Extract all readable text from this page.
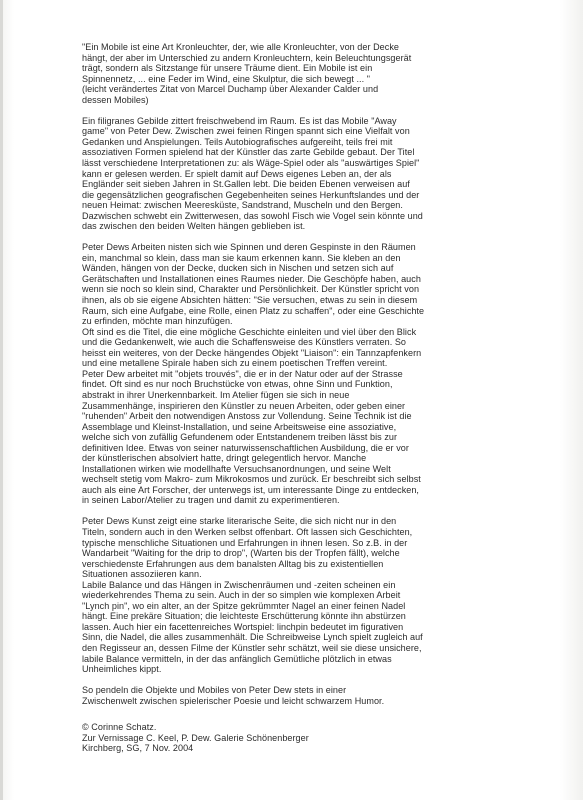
"Ein Mobile ist eine Art Kronleuchter, der, wie alle Kronleuchter, von der Decke
hängt, der aber im Unterschied zu andern Kronleuchtern, kein Beleuchtungsgerät
trägt, sondern als Sitzstange für unsere Träume dient. Ein Mobile ist ein
Spinnennetz, ... eine Feder im Wind, eine Skulptur, die sich bewegt ... "
(leicht verändertes Zitat von Marcel Duchamp über Alexander Calder und
dessen Mobiles)
Ein filigranes Gebilde zittert freischwebend im Raum. Es ist das Mobile "Away
game" von Peter Dew. Zwischen zwei feinen Ringen spannt sich eine Vielfalt von
Gedanken und Anspielungen. Teils Autobiografisches aufgereiht, teils frei mit
assoziativen Formen spielend hat der Künstler das zarte Gebilde gebaut. Der Titel
lässt verschiedene Interpretationen zu: als Wäge-Spiel oder als "auswärtiges Spiel"
kann er gelesen werden. Er spielt damit auf Dews eigenes Leben an, der als
Engländer seit sieben Jahren in St.Gallen lebt. Die beiden Ebenen verweisen auf
die gegensätzlichen geografischen Gegebenheiten seines Herkunftslandes und der
neuen Heimat: zwischen Meeresküste, Sandstrand, Muscheln und den Bergen.
Dazwischen schwebt ein Zwitterwesen, das sowohl Fisch wie Vogel sein könnte und
das zwischen den beiden Welten hängen geblieben ist.
Peter Dews Arbeiten nisten sich wie Spinnen und deren Gespinste in den Räumen
ein, manchmal so klein, dass man sie kaum erkennen kann. Sie kleben an den
Wänden, hängen von der Decke, ducken sich in Nischen und setzen sich auf
Gerätschaften und Installationen eines Raumes nieder. Die Geschöpfe haben, auch
wenn sie noch so klein sind, Charakter und Persönlichkeit. Der Künstler spricht von
ihnen, als ob sie eigene Absichten hätten: "Sie versuchen, etwas zu sein in diesem
Raum, sich eine Aufgabe, eine Rolle, einen Platz zu schaffen", oder eine Geschichte
zu erfinden, möchte man hinzufügen.
Oft sind es die Titel, die eine mögliche Geschichte einleiten und viel über den Blick
und die Gedankenwelt, wie auch die Schaffensweise des Künstlers verraten. So
heisst ein weiteres, von der Decke hängendes Objekt "Liaison": ein Tannzapfenkern
und eine metallene Spirale haben sich zu einem poetischen Treffen vereint.
Peter Dew arbeitet mit "objets trouvés", die er in der Natur oder auf der Strasse
findet. Oft sind es nur noch Bruchstücke von etwas, ohne Sinn und Funktion,
abstrakt in ihrer Unerkennbarkeit. Im Atelier fügen sie sich in neue
Zusammenhänge, inspirieren den Künstler zu neuen Arbeiten, oder geben einer
"ruhenden" Arbeit den notwendigen Anstoss zur Vollendung. Seine Technik ist die
Assemblage und Kleinst-Installation, und seine Arbeitsweise eine assoziative,
welche sich von zufällig Gefundenem oder Entstandenem treiben lässt bis zur
definitiven Idee. Etwas von seiner naturwissenschaftlichen Ausbildung, die er vor
der künstlerischen absolviert hatte, dringt gelegentlich hervor. Manche
Installationen wirken wie modellhafte Versuchsanordnungen, und seine Welt
wechselt stetig vom Makro- zum Mikrokosmos und zurück. Er beschreibt sich selbst
auch als eine Art Forscher, der unterwegs ist, um interessante Dinge zu entdecken,
in seinen Labor/Atelier zu tragen und damit zu experimentieren.
Peter Dews Kunst zeigt eine starke literarische Seite, die sich nicht nur in den
Titeln, sondern auch in den Werken selbst offenbart. Oft lassen sich Geschichten,
typische menschliche Situationen und Erfahrungen in ihnen lesen. So z.B. in der
Wandarbeit "Waiting for the drip to drop", (Warten bis der Tropfen fällt), welche
verschiedenste Erfahrungen aus dem banalsten Alltag bis zu existentiellen
Situationen assoziieren kann.
Labile Balance und das Hängen in Zwischenräumen und -zeiten scheinen ein
wiederkehrendes Thema zu sein. Auch in der so simplen wie komplexen Arbeit
"Lynch pin", wo ein alter, an der Spitze gekrümmter Nagel an einer feinen Nadel
hängt. Eine prekäre Situation; die leichteste Erschütterung könnte ihn abstürzen
lassen. Auch hier ein facettenreiches Wortspiel: linchpin bedeutet im figurativen
Sinn, die Nadel, die alles zusammenhält. Die Schreibweise Lynch spielt zugleich auf
den Regisseur an, dessen Filme der Künstler sehr schätzt, weil sie diese unsichere,
labile Balance vermitteln, in der das anfänglich Gemütliche plötzlich in etwas
Unheimliches kippt.
So pendeln die Objekte und Mobiles von Peter Dew stets in einer
Zwischenwelt zwischen spielerischer Poesie und leicht schwarzem Humor.
© Corinne Schatz.
Zur Vernissage C. Keel, P. Dew. Galerie Schönenberger
Kirchberg, SG, 7 Nov. 2004
